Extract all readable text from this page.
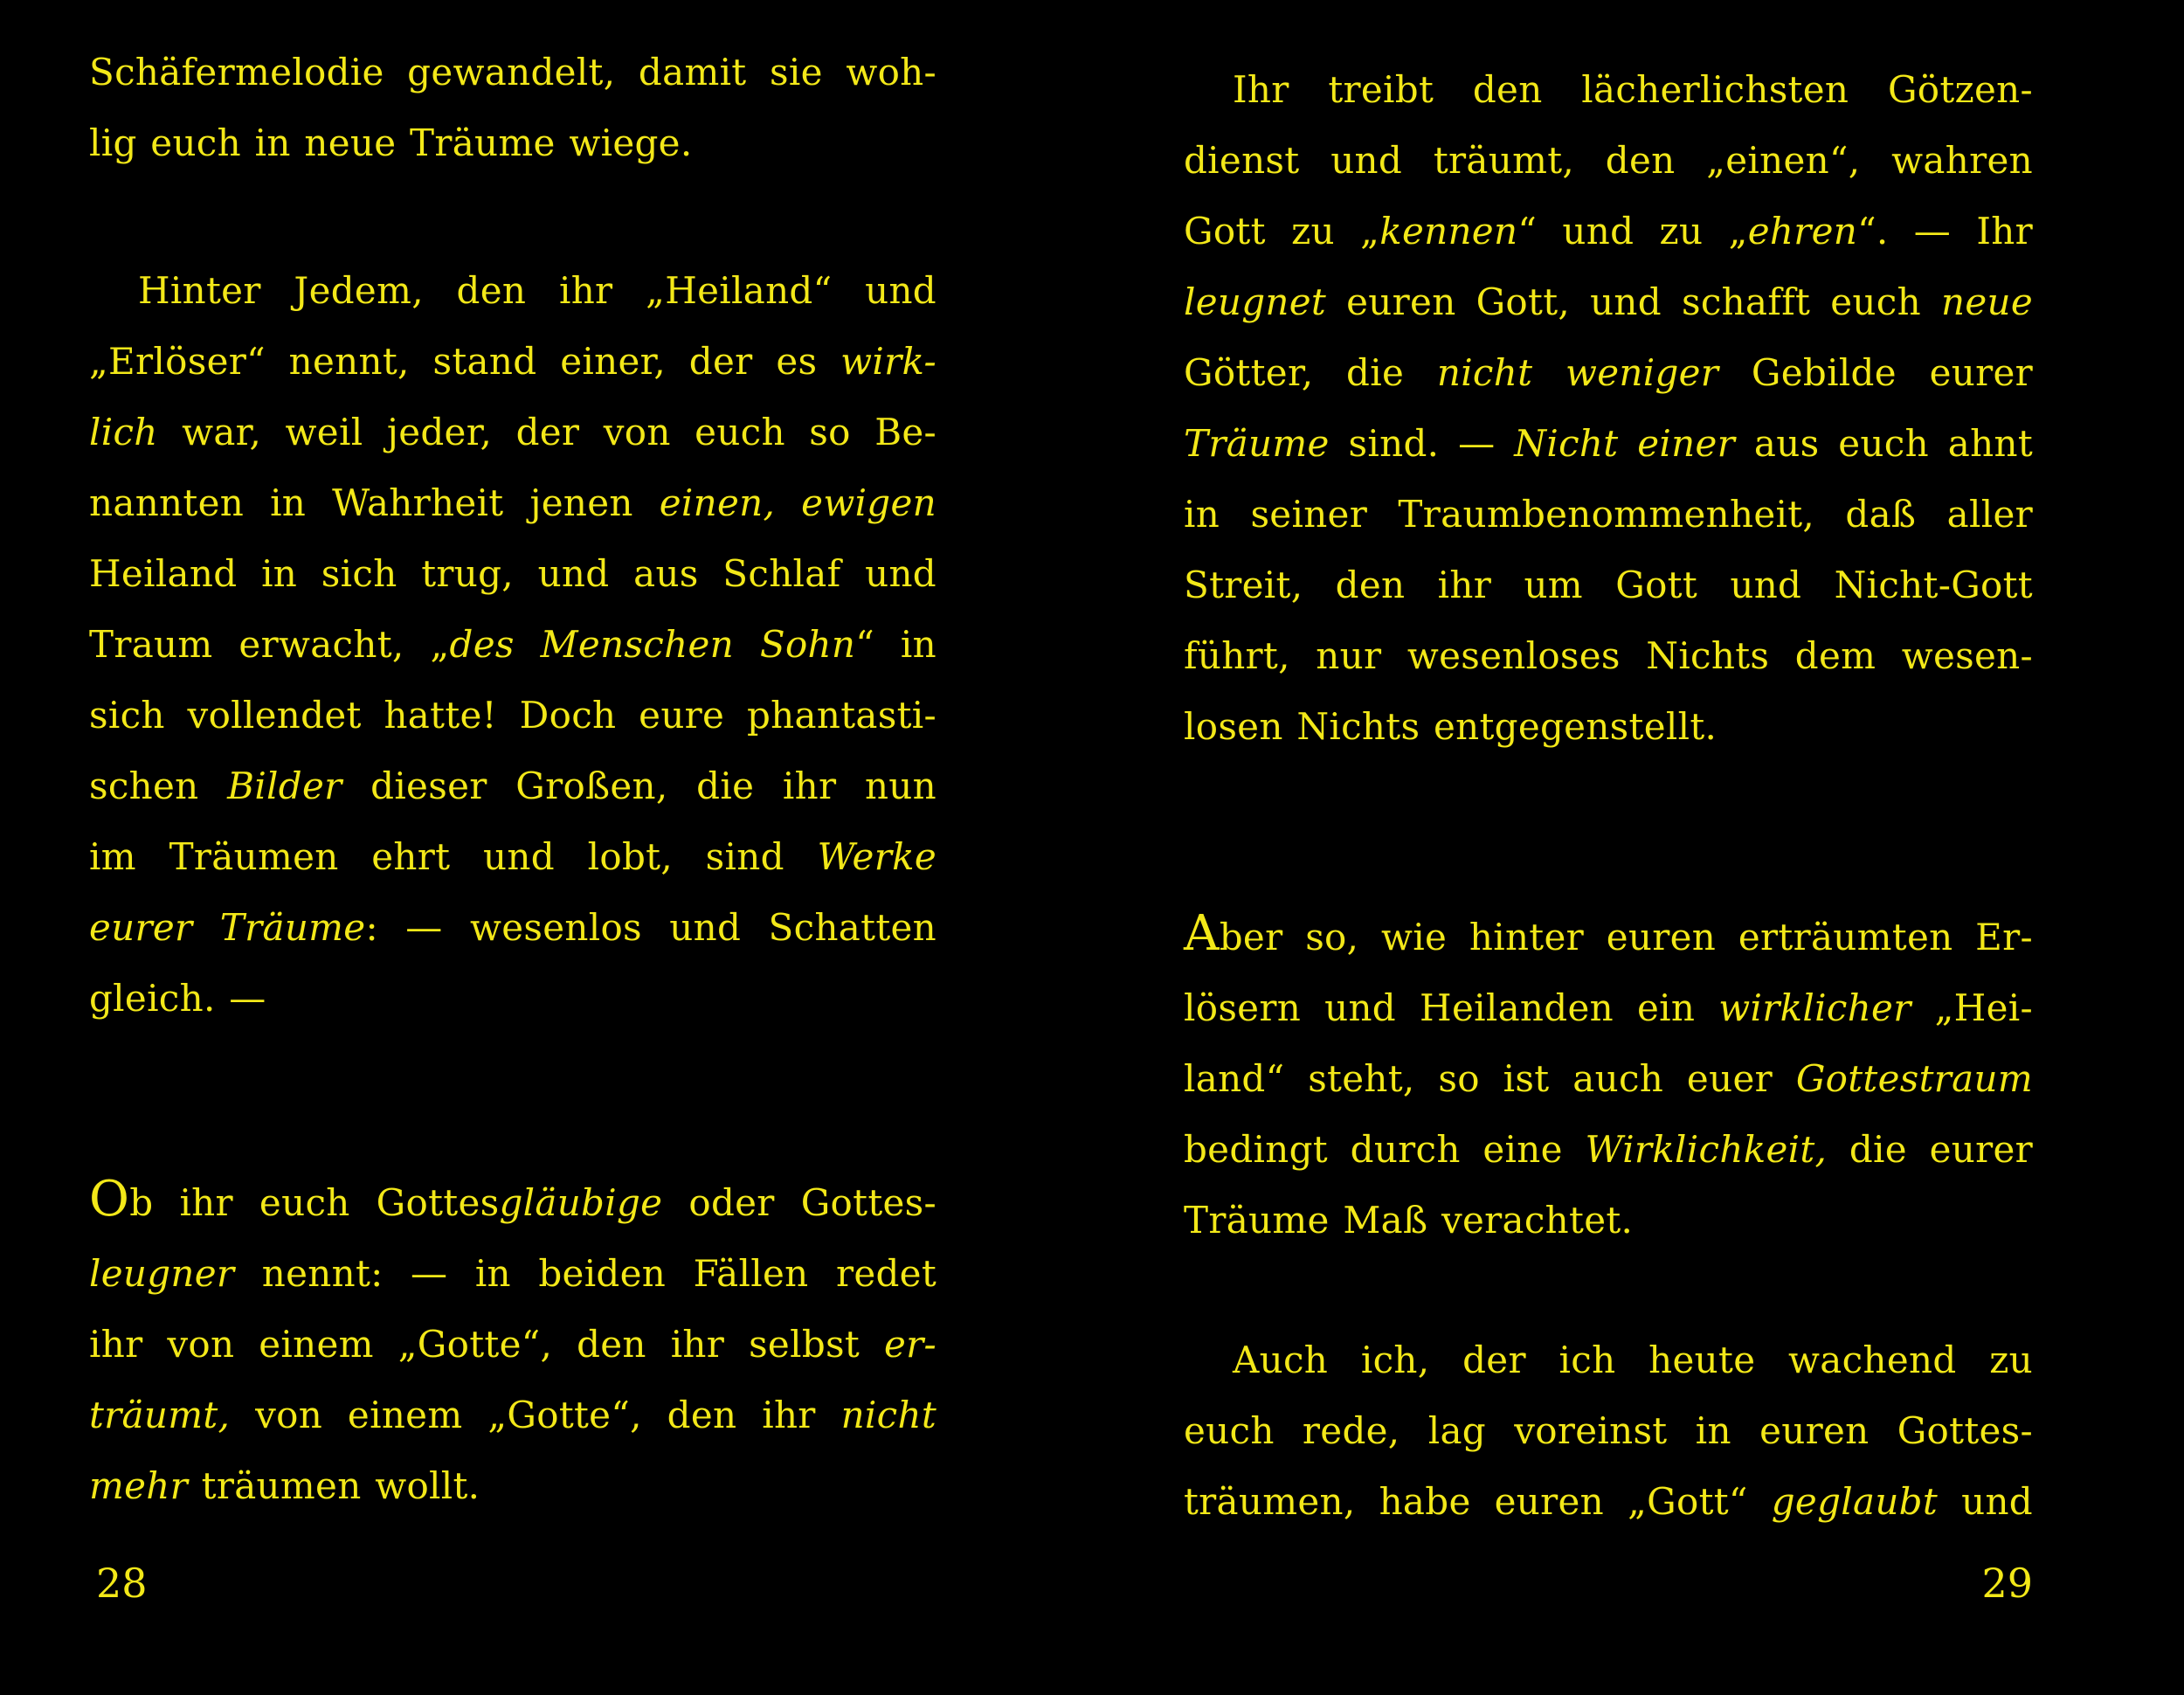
Schäfermelodie gewandelt, damit sie woh-
lig euch in neue Träume wiege.

Hinter Jedem, den ihr „Heiland“ und
„Erlöser“ nennt, stand einer, der es wirk-
lich war, weil jeder, der von euch so Be-
nannten in Wahrheit jenen einen, ewigen
Heiland in sich trug, und aus Schlaf und
Traum erwacht, „des Menschen Sohn“ in
sich vollendet hatte! Doch eure phantasti-
schen Bilder dieser Großen, die ihr nun
im Träumen ehrt und lobt, sind Werke
eurer Träume: — wesenlos und Schatten
gleich. —

Ob ihr euch Gottesgläubige oder Gottes-
leugner nennt: — in beiden Fällen redet
ihr von einem „Gotte“, den ihr selbst er-
träumt, von einem „Gotte“, den ihr nicht
mehr träumen wollt.

28

Ihr treibt den lächerlichsten Götzen-
dienst und träumt, den „einen“, wahren
Gott zu „kennen“ und zu „ehren“. — Ihr
leugnet euren Gott, und schafft euch neue
Götter, die nicht weniger Gebilde eurer
Träume sind. — Nicht einer aus euch ahnt
in seiner Traumbenommenheit, daß aller
Streit, den ihr um Gott und Nicht-Gott
führt, nur wesenloses Nichts dem wesen-
losen Nichts entgegenstellt.

Aber so, wie hinter euren erträumten Er-
lösern und Heilanden ein wirklicher „Hei-
land“ steht, so ist auch euer Gottestraum
bedingt durch eine Wirklichkeit, die eurer
Träume Maß verachtet.

Auch ich, der ich heute wachend zu
euch rede, lag voreinst in euren Gottes-
träumen, habe euren „Gott“ geglaubt und

29
